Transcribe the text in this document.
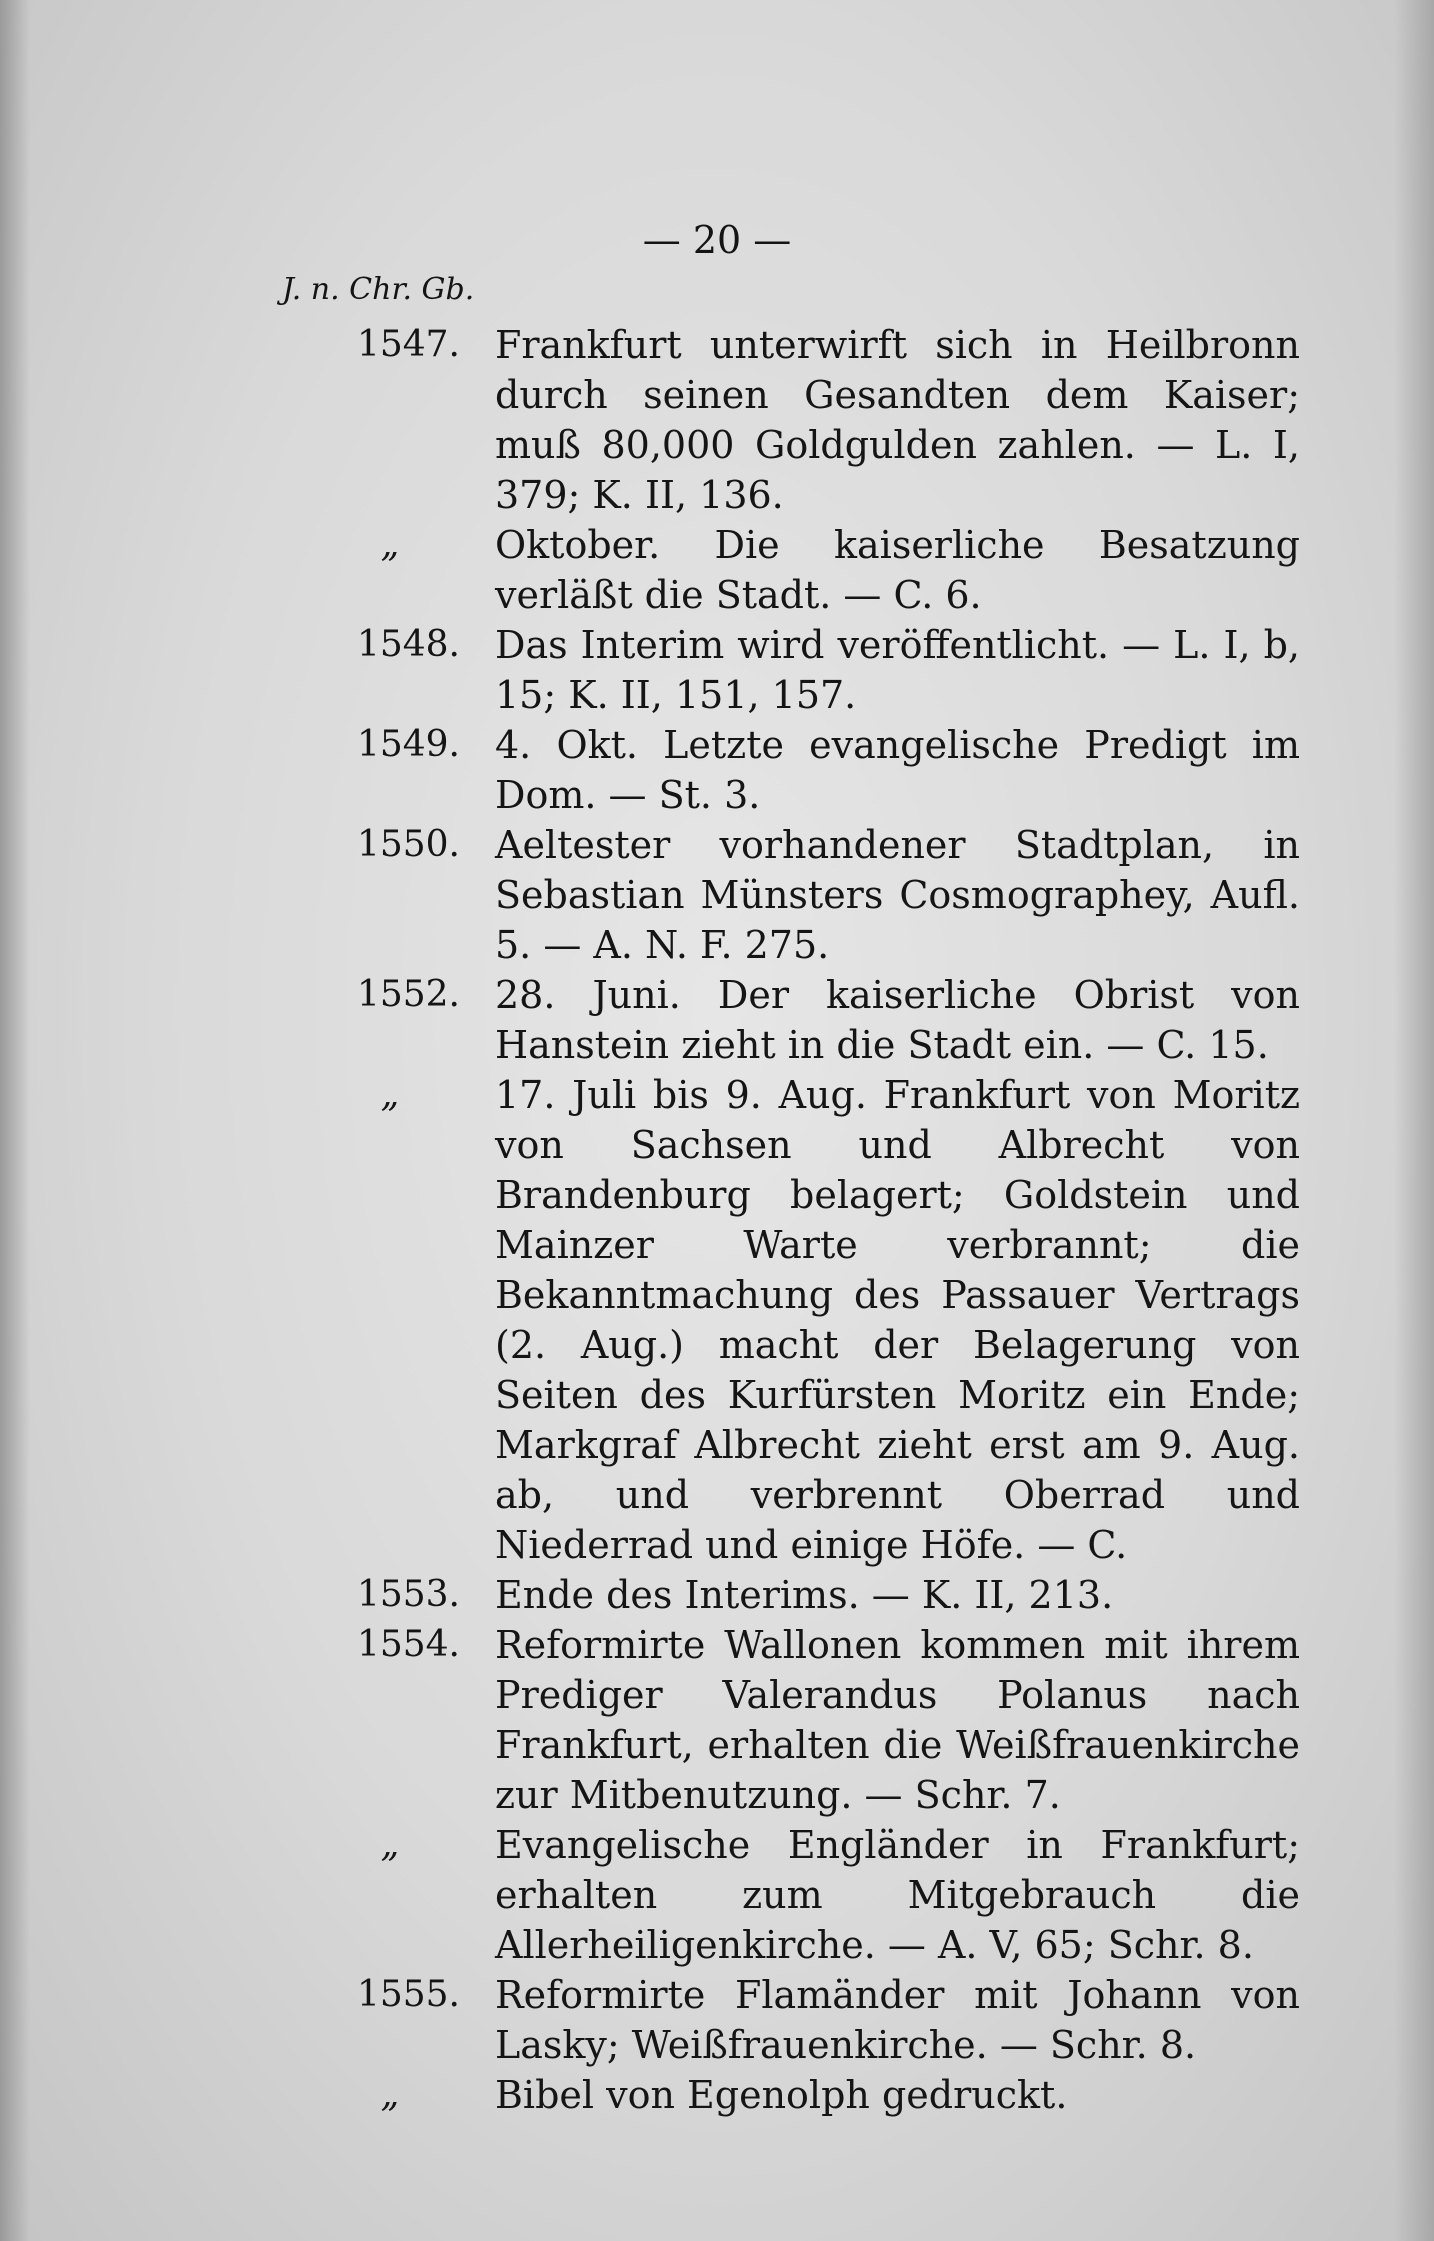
— 20 —
J. n. Chr. Gb.

1547. Frankfurt unterwirft sich in Heilbronn durch seinen Gesandten dem Kaiser; muß 80,000 Goldgulden zahlen. — L. I, 379; K. II, 136.

„	Oktober. Die kaiserliche Besatzung verläßt die Stadt. — C. 6.

1548. Das Interim wird veröffentlicht. — L. I, b, 15; K. II, 151, 157.

1549. 4. Okt. Letzte evangelische Predigt im Dom. — St. 3.

1550. Aeltester vorhandener Stadtplan, in Sebastian Münsters Cosmographey, Aufl. 5. — A. N. F. 275.

1552. 28. Juni. Der kaiserliche Obrist von Hanstein zieht in die Stadt ein. — C. 15.

„	17. Juli bis 9. Aug. Frankfurt von Moritz von Sachsen und Albrecht von Brandenburg belagert; Goldstein und Mainzer Warte verbrannt; die Bekanntmachung des Passauer Vertrags (2. Aug.) macht der Belagerung von Seiten des Kurfürsten Moritz ein Ende; Markgraf Albrecht zieht erst am 9. Aug. ab, und verbrennt Oberrad und Niederrad und einige Höfe. — C.

1553. Ende des Interims. — K. II, 213.

1554. Reformirte Wallonen kommen mit ihrem Prediger Valerandus Polanus nach Frankfurt, erhalten die Weißfrauenkirche zur Mitbenutzung. — Schr. 7.

„	Evangelische Engländer in Frankfurt; erhalten zum Mitgebrauch die Allerheiligenkirche. — A. V, 65; Schr. 8.

1555. Reformirte Flamänder mit Johann von Lasky; Weißfrauenkirche. — Schr. 8.

„	Bibel von Egenolph gedruckt.
